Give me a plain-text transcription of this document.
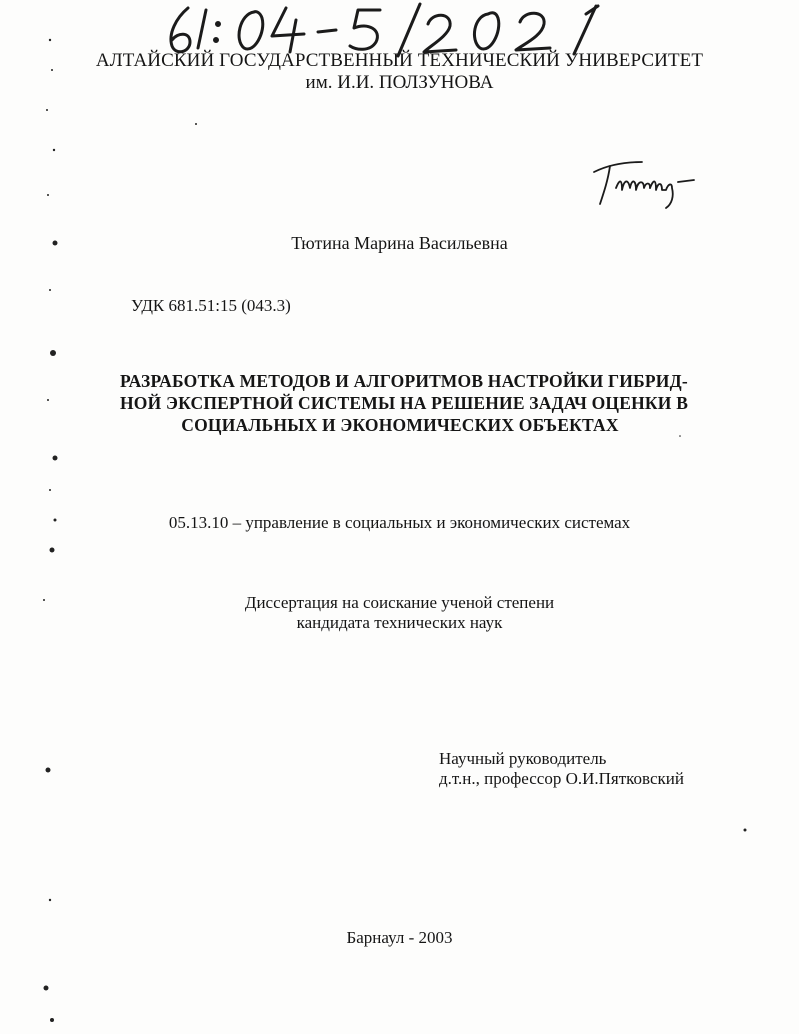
АЛТАЙСКИЙ ГОСУДАРСТВЕННЫЙ ТЕХНИЧЕСКИЙ УНИВЕРСИТЕТ
им. И.И. ПОЛЗУНОВА
Тютина Марина Васильевна
УДК 681.51:15 (043.3)
РАЗРАБОТКА МЕТОДОВ И АЛГОРИТМОВ НАСТРОЙКИ ГИБРИД-
НОЙ ЭКСПЕРТНОЙ СИСТЕМЫ НА РЕШЕНИЕ ЗАДАЧ ОЦЕНКИ В
СОЦИАЛЬНЫХ И ЭКОНОМИЧЕСКИХ ОБЪЕКТАХ
05.13.10 – управление в социальных и экономических системах
Диссертация на соискание ученой степени
кандидата технических наук
Научный руководитель
д.т.н., профессор О.И.Пятковский
Барнаул - 2003
